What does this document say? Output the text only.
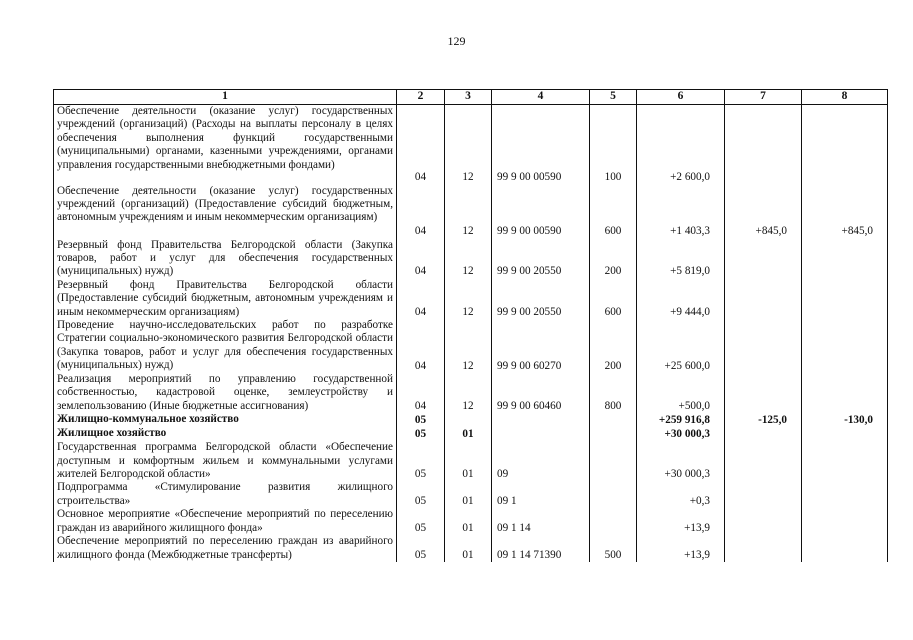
129
1	2	3	4	5	6	7	8
Обеспечение деятельности (оказание услуг) государственных учреждений (организаций) (Расходы на выплаты персоналу в целях обеспечения выполнения функций государственными (муниципальными) органами, казенными учреждениями, органами управления государственными внебюджетными фондами)	04	12	99 9 00 00590	100	+2 600,0		
Обеспечение деятельности (оказание услуг) государственных учреждений (организаций) (Предоставление субсидий бюджетным, автономным учреждениям и иным некоммерческим организациям)	04	12	99 9 00 00590	600	+1 403,3	+845,0	+845,0
Резервный фонд Правительства Белгородской области (Закупка товаров, работ и услуг для обеспечения государственных (муниципальных) нужд)	04	12	99 9 00 20550	200	+5 819,0		
Резервный фонд Правительства Белгородской области (Предоставление субсидий бюджетным, автономным учреждениям и иным некоммерческим организациям)	04	12	99 9 00 20550	600	+9 444,0		
Проведение научно-исследовательских работ по разработке Стратегии социально-экономического развития Белгородской области (Закупка товаров, работ и услуг для обеспечения государственных (муниципальных) нужд)	04	12	99 9 00 60270	200	+25 600,0		
Реализация мероприятий по управлению государственной собственностью, кадастровой оценке, землеустройству и землепользованию (Иные бюджетные ассигнования)	04	12	99 9 00 60460	800	+500,0		
Жилищно-коммунальное хозяйство	05				+259 916,8	-125,0	-130,0
Жилищное хозяйство	05	01			+30 000,3		
Государственная программа Белгородской области «Обеспечение доступным и комфортным жильем и коммунальными услугами жителей Белгородской области»	05	01	09		+30 000,3		
Подпрограмма «Стимулирование развития жилищного строительства»	05	01	09 1		+0,3		
Основное мероприятие «Обеспечение мероприятий по переселению граждан из аварийного жилищного фонда»	05	01	09 1 14		+13,9		
Обеспечение мероприятий по переселению граждан из аварийного жилищного фонда (Межбюджетные трансферты)	05	01	09 1 14 71390	500	+13,9		
